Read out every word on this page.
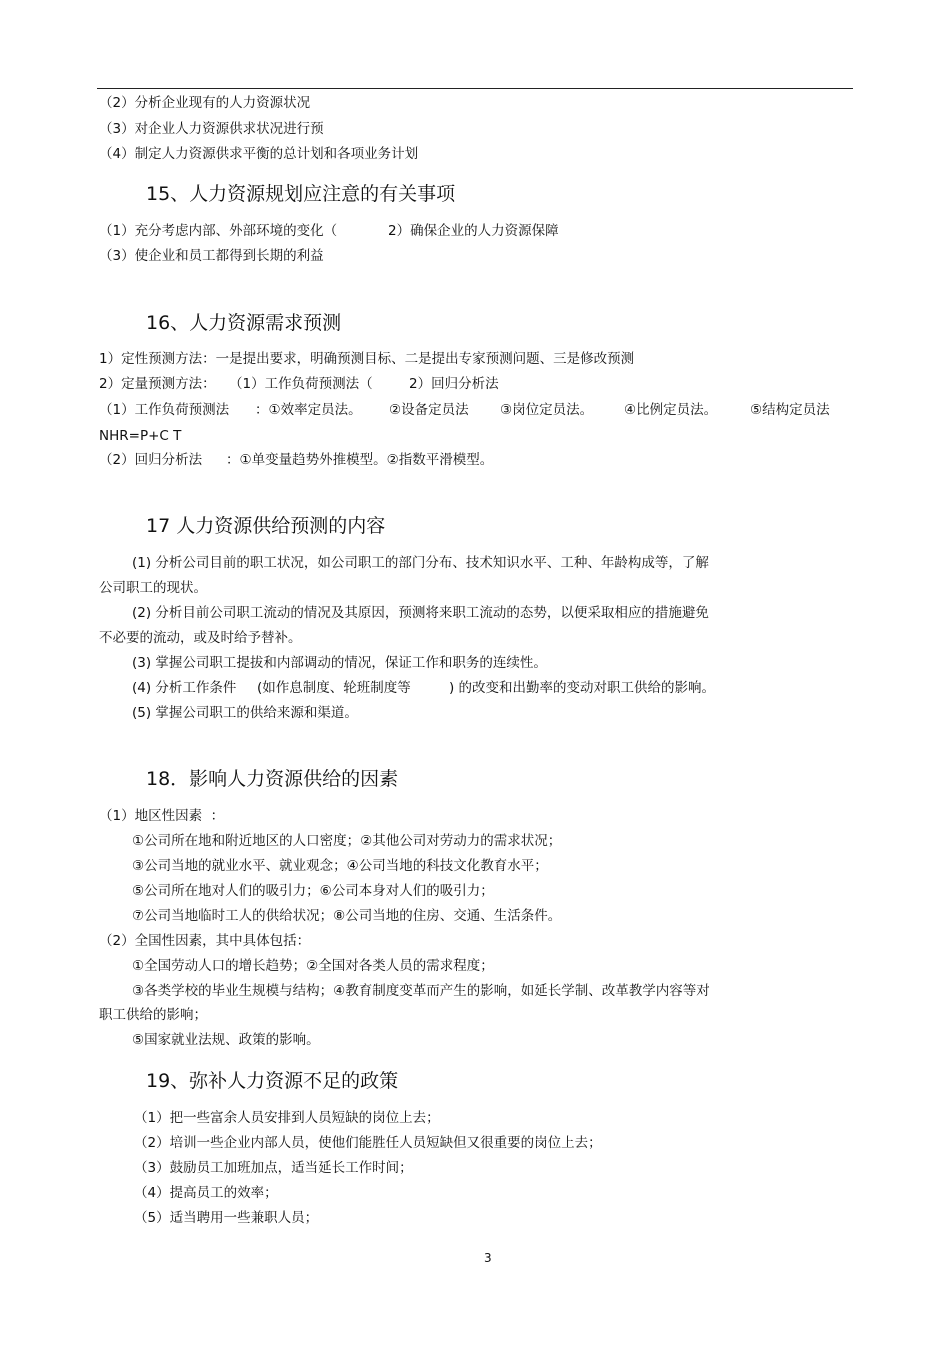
（2）分析企业现有的人力资源状况
（3）对企业人力资源供求状况进行预
（4）制定人力资源供求平衡的总计划和各项业务计划
15、人力资源规划应注意的有关事项
（1）充分考虑内部、外部环境的变化（	2）确保企业的人力资源保障
（3）使企业和员工都得到长期的利益
16、人力资源需求预测
1）定性预测方法：一是提出要求，明确预测目标、二是提出专家预测问题、三是修改预测
2）定量预测方法： （1）工作负荷预测法（	2）回归分析法
（1）工作负荷预测法 ：①效率定员法。 ②设备定员法 ③岗位定员法。 ④比例定员法。 ⑤结构定员法
NHR=P+C T
（2）回归分析法 ：①单变量趋势外推模型。②指数平滑模型。
17 人力资源供给预测的内容
(1) 分析公司目前的职工状况，如公司职工的部门分布、技术知识水平、工种、年龄构成等，了解
公司职工的现状。
(2) 分析目前公司职工流动的情况及其原因，预测将来职工流动的态势，以便采取相应的措施避免
不必要的流动，或及时给予替补。
(3) 掌握公司职工提拔和内部调动的情况，保证工作和职务的连续性。
(4) 分析工作条件 (如作息制度、轮班制度等	) 的改变和出勤率的变动对职工供给的影响。
(5) 掌握公司职工的供给来源和渠道。
18．影响人力资源供给的因素
（1）地区性因素  ：
①公司所在地和附近地区的人口密度；②其他公司对劳动力的需求状况；
③公司当地的就业水平、就业观念；④公司当地的科技文化教育水平；
⑤公司所在地对人们的吸引力；⑥公司本身对人们的吸引力；
⑦公司当地临时工人的供给状况；⑧公司当地的住房、交通、生活条件。
（2）全国性因素，其中具体包括：
①全国劳动人口的增长趋势；②全国对各类人员的需求程度；
③各类学校的毕业生规模与结构；④教育制度变革而产生的影响，如延长学制、改革教学内容等对
职工供给的影响；
⑤国家就业法规、政策的影响。
19、弥补人力资源不足的政策
（1）把一些富余人员安排到人员短缺的岗位上去；
（2）培训一些企业内部人员，使他们能胜任人员短缺但又很重要的岗位上去；
（3）鼓励员工加班加点，适当延长工作时间；
（4）提高员工的效率；
（5）适当聘用一些兼职人员；
3
